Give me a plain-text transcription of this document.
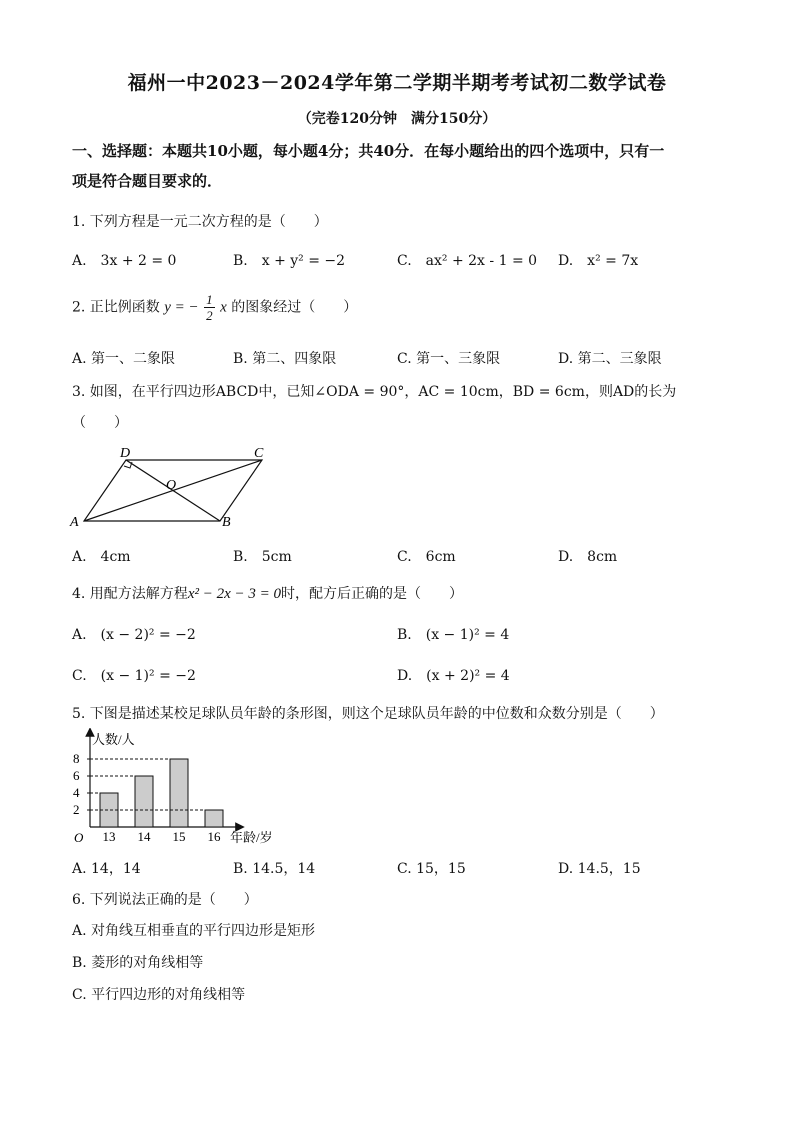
福州一中2023－2024学年第二学期半期考考试初二数学试卷
（完卷120分钟　满分150分）
一、选择题：本题共10小题，每小题4分；共40分．在每小题给出的四个选项中，只有一
项是符合题目要求的．
1. 下列方程是一元二次方程的是（　　）
A.　3x + 2 = 0	B.　x + y² = −2	C.　ax² + 2x - 1 = 0 D.　x² = 7x
2. 正比例函数 y = − $\frac{1}{2}$ x 的图象经过（　　）
A. 第一、二象限	B. 第二、四象限	C. 第一、三象限	D. 第二、三象限
3. 如图，在平行四边形ABCD中，已知∠ODA = 90°，AC = 10cm，BD = 6cm，则AD的长为
（　　）
A	B
C
D
O
A.　4cm	B.　5cm	C.　6cm	D.　8cm
4. 用配方法解方程x² − 2x − 3 = 0时，配方后正确的是（　　）
A.　(x − 2)² = −2	B.　(x − 1)² = 4
C.　(x − 1)² = −2	D.　(x + 2)² = 4
5. 下图是描述某校足球队员年龄的条形图，则这个足球队员年龄的中位数和众数分别是（　　）
人数/人
年龄/岁
O
2
4
6
8
13 14 15 16
A. 14，14	B. 14.5，14	C. 15，15	D. 14.5，15
6. 下列说法正确的是（　　）
A. 对角线互相垂直的平行四边形是矩形
B. 菱形的对角线相等
C. 平行四边形的对角线相等
